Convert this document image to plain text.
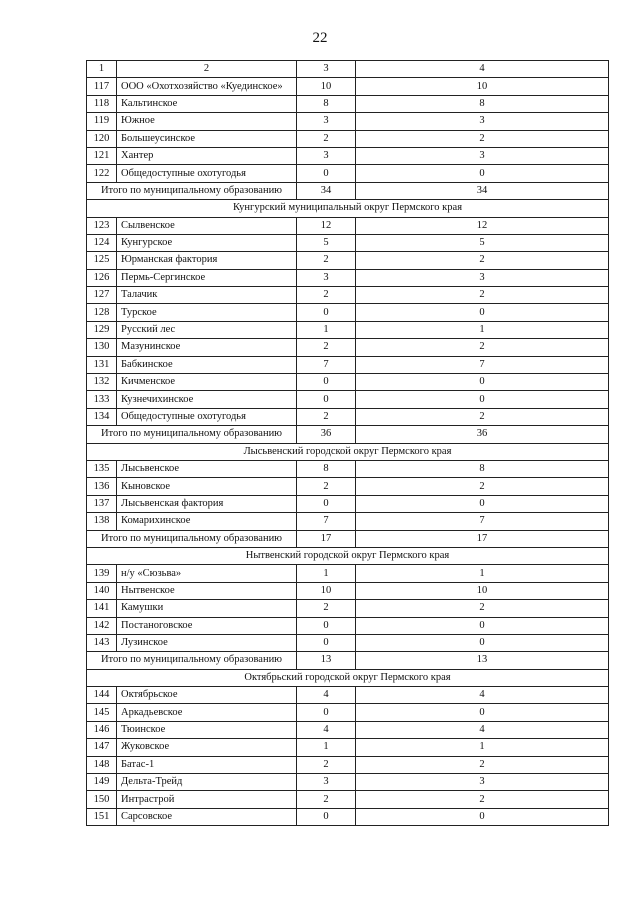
22
1	2	3	4
117	ООО «Охотхозяйство «Куединское»	10	10
118	Кальтинское	8	8
119	Южное	3	3
120	Большеусинское	2	2
121	Хантер	3	3
122	Общедоступные охотугодья	0	0
Итого по муниципальному образованию		34	34
Кунгурский муниципальный округ Пермского края			
123	Сылвенское	12	12
124	Кунгурское	5	5
125	Юрманская фактория	2	2
126	Пермь-Сергинское	3	3
127	Талачик	2	2
128	Турское	0	0
129	Русский лес	1	1
130	Мазунинское	2	2
131	Бабкинское	7	7
132	Кичменское	0	0
133	Кузнечихинское	0	0
134	Общедоступные охотугодья	2	2
Итого по муниципальному образованию		36	36
Лысьвенский городской округ Пермского края			
135	Лысьвенское	8	8
136	Кыновское	2	2
137	Лысьвенская фактория	0	0
138	Комарихинское	7	7
Итого по муниципальному образованию		17	17
Нытвенский городской округ Пермского края			
139	н/у «Сюзьва»	1	1
140	Нытвенское	10	10
141	Камушки	2	2
142	Постаноговское	0	0
143	Лузинское	0	0
Итого по муниципальному образованию		13	13
Октябрьский городской округ Пермского края			
144	Октябрьское	4	4
145	Аркадьевское	0	0
146	Тюинское	4	4
147	Жуковское	1	1
148	Батас-1	2	2
149	Дельта-Трейд	3	3
150	Интрастрой	2	2
151	Сарсовское	0	0
